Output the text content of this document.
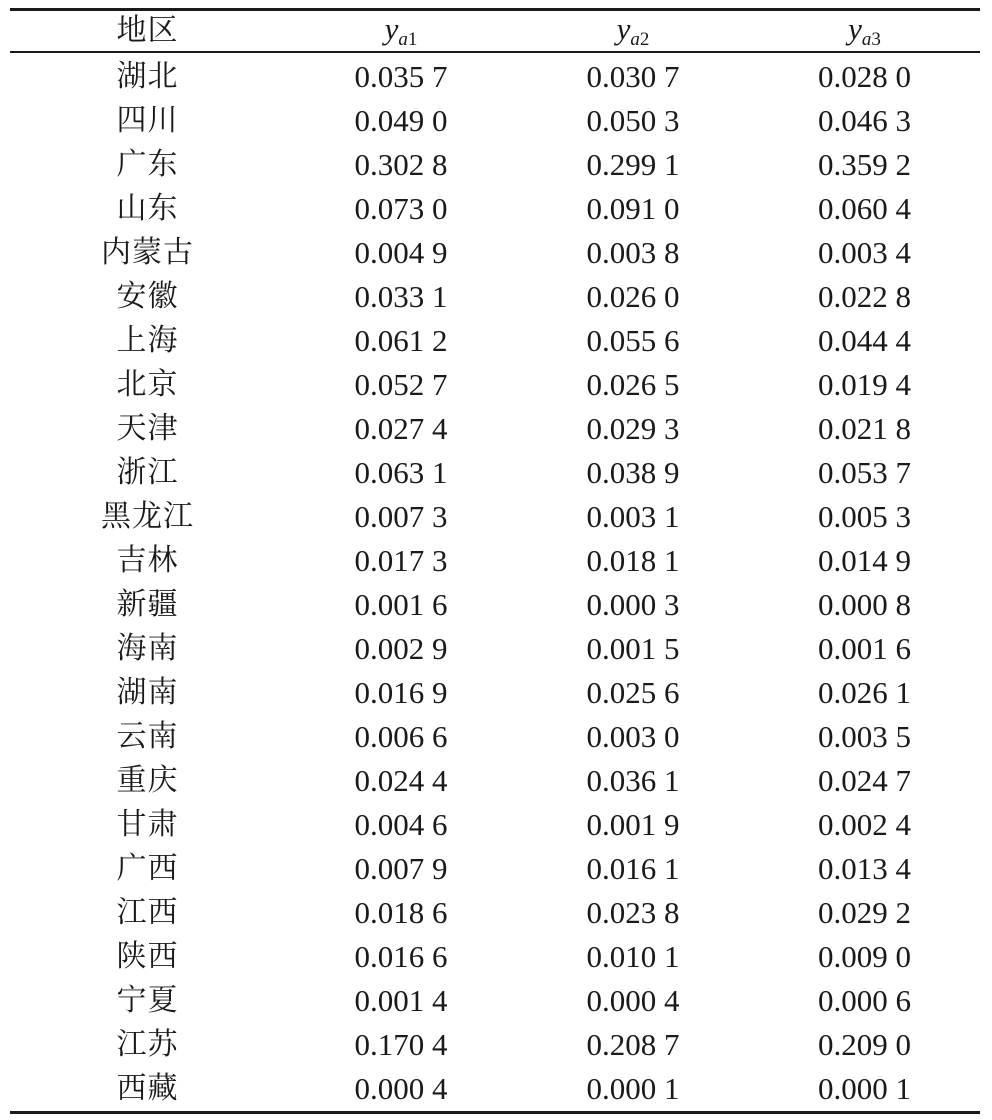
地区	$y_{a1}$	$y_{a2}$	$y_{a3}$
湖北	0.035 7	0.030 7	0.028 0
四川	0.049 0	0.050 3	0.046 3
广东	0.302 8	0.299 1	0.359 2
山东	0.073 0	0.091 0	0.060 4
内蒙古	0.004 9	0.003 8	0.003 4
安徽	0.033 1	0.026 0	0.022 8
上海	0.061 2	0.055 6	0.044 4
北京	0.052 7	0.026 5	0.019 4
天津	0.027 4	0.029 3	0.021 8
浙江	0.063 1	0.038 9	0.053 7
黑龙江	0.007 3	0.003 1	0.005 3
吉林	0.017 3	0.018 1	0.014 9
新疆	0.001 6	0.000 3	0.000 8
海南	0.002 9	0.001 5	0.001 6
湖南	0.016 9	0.025 6	0.026 1
云南	0.006 6	0.003 0	0.003 5
重庆	0.024 4	0.036 1	0.024 7
甘肃	0.004 6	0.001 9	0.002 4
广西	0.007 9	0.016 1	0.013 4
江西	0.018 6	0.023 8	0.029 2
陕西	0.016 6	0.010 1	0.009 0
宁夏	0.001 4	0.000 4	0.000 6
江苏	0.170 4	0.208 7	0.209 0
西藏	0.000 4	0.000 1	0.000 1
